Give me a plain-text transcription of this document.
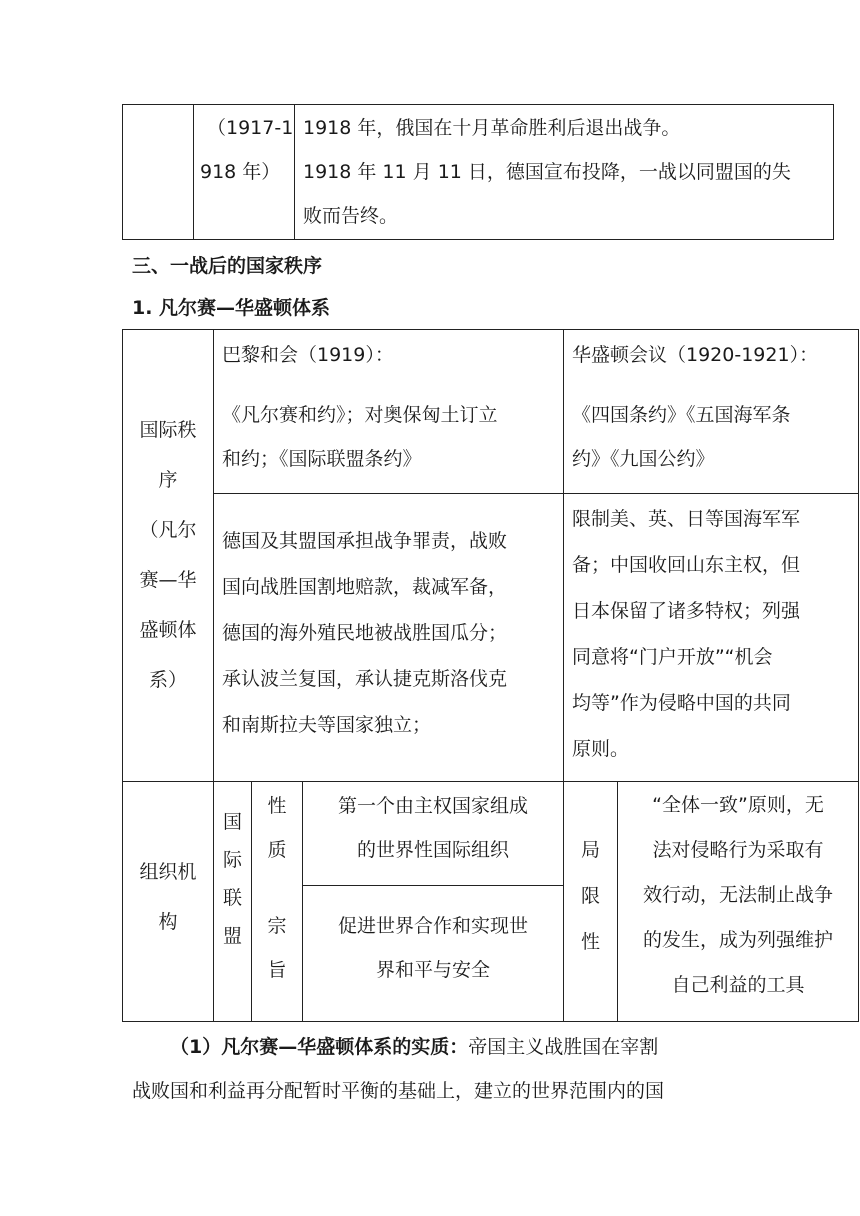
（1917-1
918 年）
1918 年，俄国在十月革命胜利后退出战争。
1918 年 11 月 11 日，德国宣布投降，一战以同盟国的失
败而告终。
三、一战后的国家秩序
1. 凡尔赛—华盛顿体系
国际秩
序
（凡尔
赛—华
盛顿体
系）
巴黎和会（1919）：
《凡尔赛和约》；对奥保匈土订立
和约；《国际联盟条约》
德国及其盟国承担战争罪责，战败
国向战胜国割地赔款，裁减军备，
德国的海外殖民地被战胜国瓜分；
承认波兰复国，承认捷克斯洛伐克
和南斯拉夫等国家独立；
华盛顿会议（1920-1921）：
《四国条约》《五国海军条
约》《九国公约》
限制美、英、日等国海军军
备；中国收回山东主权，但
日本保留了诸多特权；列强
同意将“门户开放”“机会
均等”作为侵略中国的共同
原则。
组织机
构
国
际
联
盟
性
质
第一个由主权国家组成
的世界性国际组织
宗
旨
促进世界合作和实现世
界和平与安全
局
限
性
“全体一致”原则，无
法对侵略行为采取有
效行动，无法制止战争
的发生，成为列强维护
自己利益的工具
（1）凡尔赛—华盛顿体系的实质：帝国主义战胜国在宰割
战败国和利益再分配暂时平衡的基础上，建立的世界范围内的国
